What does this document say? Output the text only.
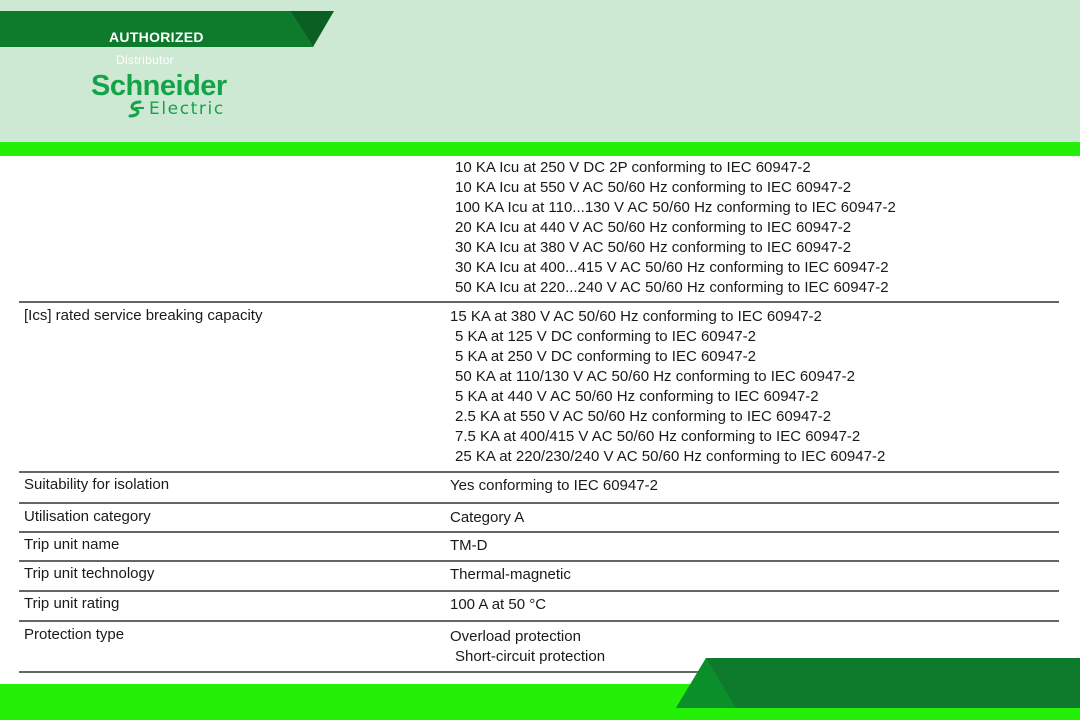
AUTHORIZED
Distributor
Schneider
Electric
10 KA Icu at 250 V DC 2P conforming to IEC 60947-2
10 KA Icu at 550 V AC 50/60 Hz conforming to IEC 60947-2
100 KA Icu at 110...130 V AC 50/60 Hz conforming to IEC 60947-2
20 KA Icu at 440 V AC 50/60 Hz conforming to IEC 60947-2
30 KA Icu at 380 V AC 50/60 Hz conforming to IEC 60947-2
30 KA Icu at 400...415 V AC 50/60 Hz conforming to IEC 60947-2
50 KA Icu at 220...240 V AC 50/60 Hz conforming to IEC 60947-2
[Ics] rated service breaking capacity	15 KA at 380 V AC 50/60 Hz conforming to IEC 60947-2
5 KA at 125 V DC conforming to IEC 60947-2
5 KA at 250 V DC conforming to IEC 60947-2
50 KA at 110/130 V AC 50/60 Hz conforming to IEC 60947-2
5 KA at 440 V AC 50/60 Hz conforming to IEC 60947-2
2.5 KA at 550 V AC 50/60 Hz conforming to IEC 60947-2
7.5 KA at 400/415 V AC 50/60 Hz conforming to IEC 60947-2
25 KA at 220/230/240 V AC 50/60 Hz conforming to IEC 60947-2
Suitability for isolation	Yes conforming to IEC 60947-2
Utilisation category	Category A
Trip unit name	TM-D
Trip unit technology	Thermal-magnetic
Trip unit rating	100 A at 50 °C
Protection type	Overload protection
Short-circuit protection
